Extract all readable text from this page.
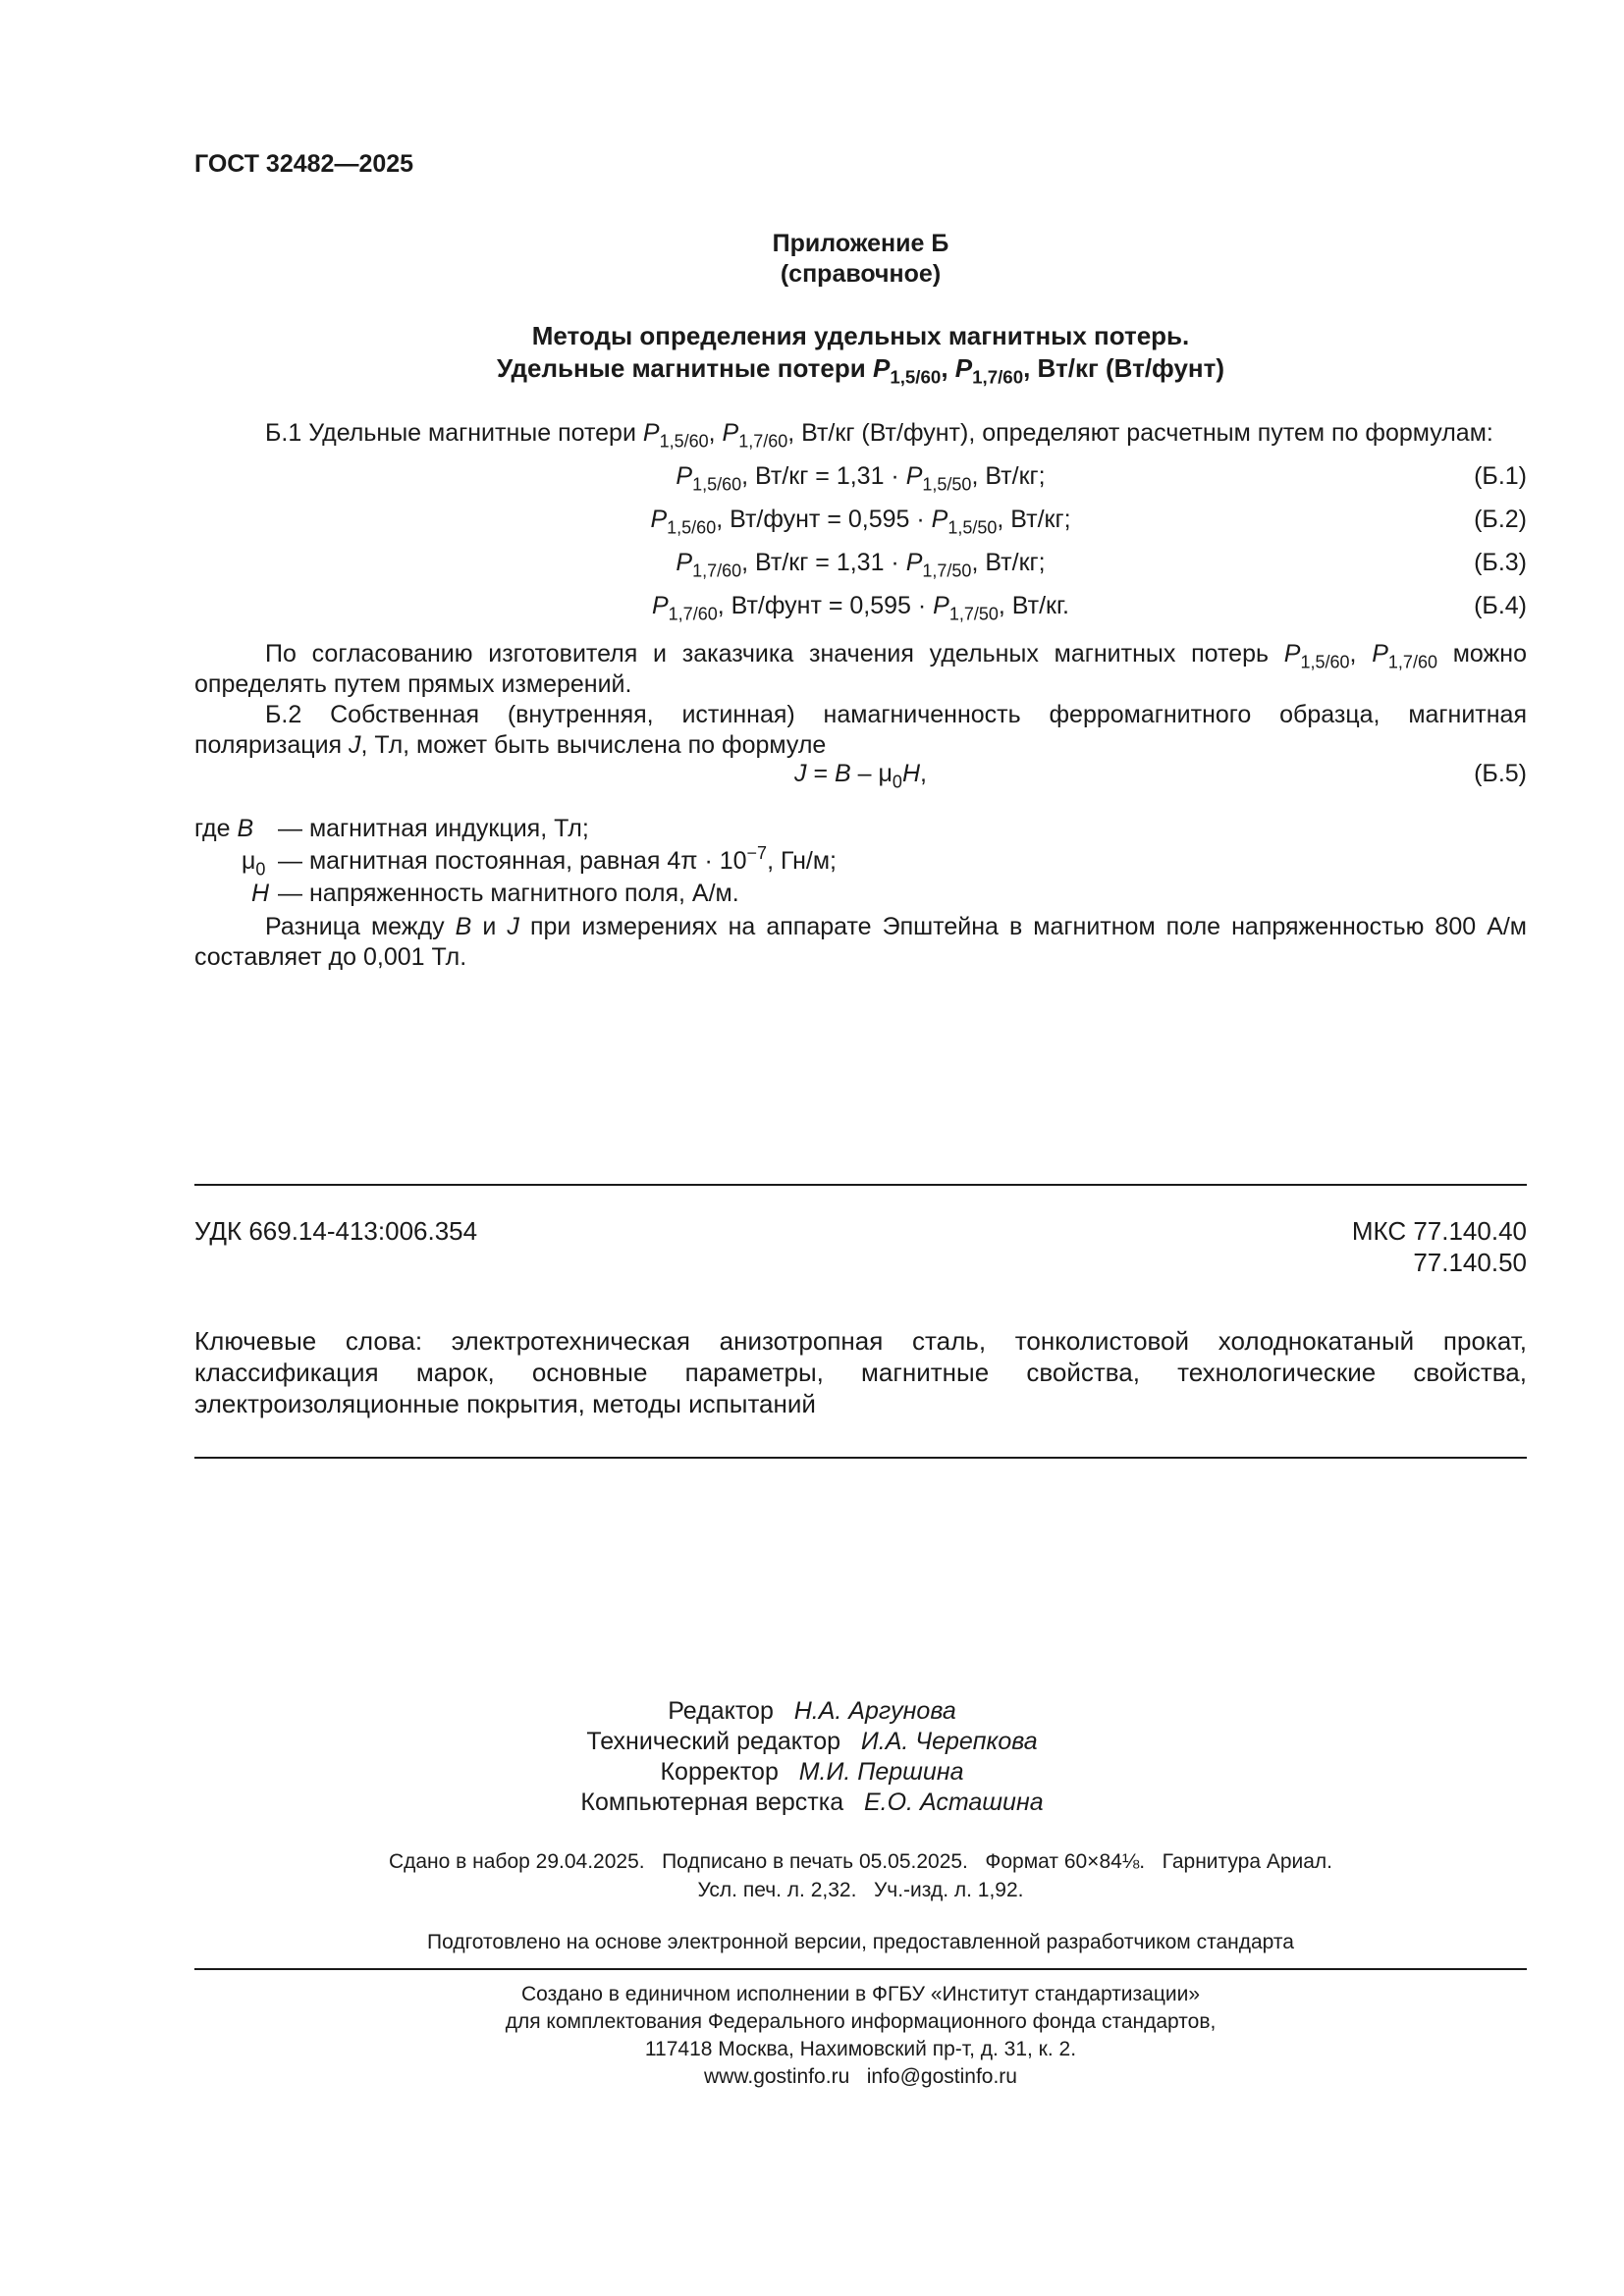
ГОСТ 32482—2025
Приложение Б
(справочное)
Методы определения удельных магнитных потерь.
Удельные магнитные потери $P_{1,5/60}$, $P_{1,7/60}$, Вт/кг (Вт/фунт)
Б.1 Удельные магнитные потери $P_{1,5/60}$, $P_{1,7/60}$, Вт/кг (Вт/фунт), определяют расчетным путем по формулам:
$P_{1,5/60}$, $Вт/кг = 1,31 \cdot P_{1,5/50}$, Вт/кг;	(Б.1)
$P_{1,5/60}$, Вт/фунт = $0,595 \cdot P_{1,5/50}$, Вт/кг;	(Б.2)
$P_{1,7/60}$, $Вт/кг = 1,31 \cdot P_{1,7/50}$, Вт/кг;	(Б.3)
$P_{1,7/60}$, Вт/фунт = $0,595 \cdot P_{1,7/50}$, Вт/кг.	(Б.4)
По согласованию изготовителя и заказчика значения удельных магнитных потерь $P_{1,5/60}$, $P_{1,7/60}$ можно определять путем прямых измерений.
Б.2 Собственная (внутренняя, истинная) намагниченность ферромагнитного образца, магнитная поляризация J, Тл, может быть вычислена по формуле
$J = B - \mu_0H$,	(Б.5)
где B — магнитная индукция, Тл;
$\mu_0$ — магнитная постоянная, равная $4\pi \cdot 10^{-7}$, Гн/м;
H — напряженность магнитного поля, А/м.
Разница между B и J при измерениях на аппарате Эпштейна в магнитном поле напряженностью 800 А/м составляет до 0,001 Тл.
УДК 669.14-413:006.354	МКС 77.140.40
77.140.50
Ключевые слова: электротехническая анизотропная сталь, тонколистовой холоднокатаный прокат, классификация марок, основные параметры, магнитные свойства, технологические свойства, электроизоляционные покрытия, методы испытаний
Редактор Н.А. Аргунова
Технический редактор И.А. Черепкова
Корректор М.И. Першина
Компьютерная верстка Е.О. Асташина
Сдано в набор 29.04.2025.   Подписано в печать 05.05.2025.   Формат 60×84⅛.   Гарнитура Ариал.
Усл. печ. л. 2,32.   Уч.-изд. л. 1,92.
Подготовлено на основе электронной версии, предоставленной разработчиком стандарта
Создано в единичном исполнении в ФГБУ «Институт стандартизации»
для комплектования Федерального информационного фонда стандартов,
117418 Москва, Нахимовский пр-т, д. 31, к. 2.
www.gostinfo.ru   info@gostinfo.ru
